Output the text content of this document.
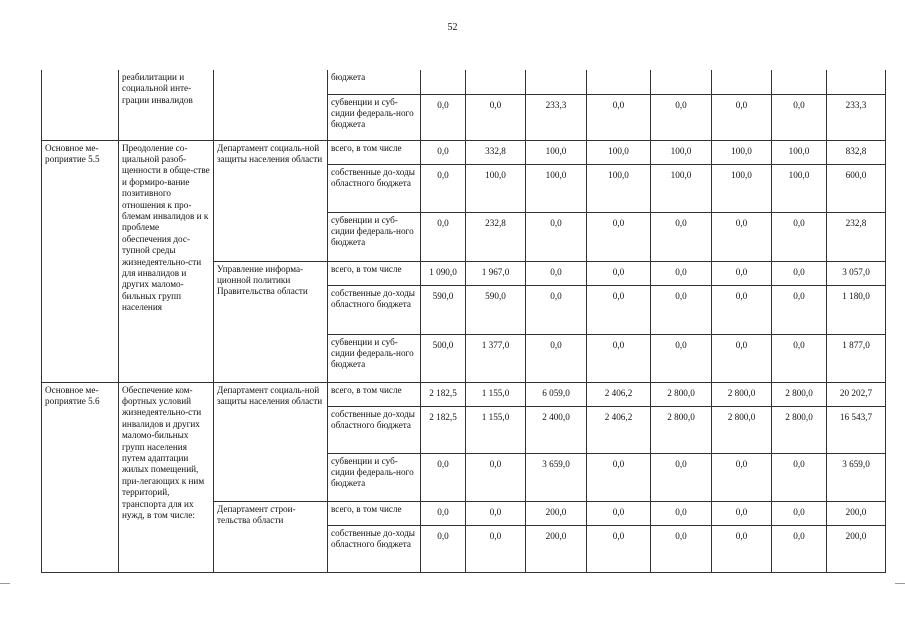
52
	реабилитации и социальной инте-грации инвалидов		бюджета								
			субвенции и суб-сидии федераль-ного бюджета	0,0	0,0	233,3	0,0	0,0	0,0	0,0	233,3
Основное ме-роприятие 5.5	Преодоление со-циальной разоб-щенности в обще-стве и формиро-вание позитивного отношения к про-блемам инвалидов и к проблеме обеспечения дос-тупной среды жизнедеятельно-сти для инвалидов и других маломо-бильных групп населения	Департамент социаль-ной защиты населения области	всего, в том числе	0,0	332,8	100,0	100,0	100,0	100,0	100,0	832,8
			собственные до-ходы областного бюджета	0,0	100,0	100,0	100,0	100,0	100,0	100,0	600,0
			субвенции и суб-сидии федераль-ного бюджета	0,0	232,8	0,0	0,0	0,0	0,0	0,0	232,8
		Управление информа-ционной политики Правительства области	всего, в том числе	1 090,0	1 967,0	0,0	0,0	0,0	0,0	0,0	3 057,0
			собственные до-ходы областного бюджета	590,0	590,0	0,0	0,0	0,0	0,0	0,0	1 180,0
			субвенции и суб-сидии федераль-ного бюджета	500,0	1 377,0	0,0	0,0	0,0	0,0	0,0	1 877,0
Основное ме-роприятие 5.6	Обеспечение ком-фортных условий жизнедеятельно-сти инвалидов и других маломо-бильных групп населения путем адаптации жилых помещений, при-легающих к ним территорий, транспорта для их нужд, в том числе:	Департамент социаль-ной защиты населения области	всего, в том числе	2 182,5	1 155,0	6 059,0	2 406,2	2 800,0	2 800,0	2 800,0	20 202,7
			собственные до-ходы областного бюджета	2 182,5	1 155,0	2 400,0	2 406,2	2 800,0	2 800,0	2 800,0	16 543,7
			субвенции и суб-сидии федераль-ного бюджета	0,0	0,0	3 659,0	0,0	0,0	0,0	0,0	3 659,0
		Департамент строи-тельства области	всего, в том числе	0,0	0,0	200,0	0,0	0,0	0,0	0,0	200,0
			собственные до-ходы областного бюджета	0,0	0,0	200,0	0,0	0,0	0,0	0,0	200,0
